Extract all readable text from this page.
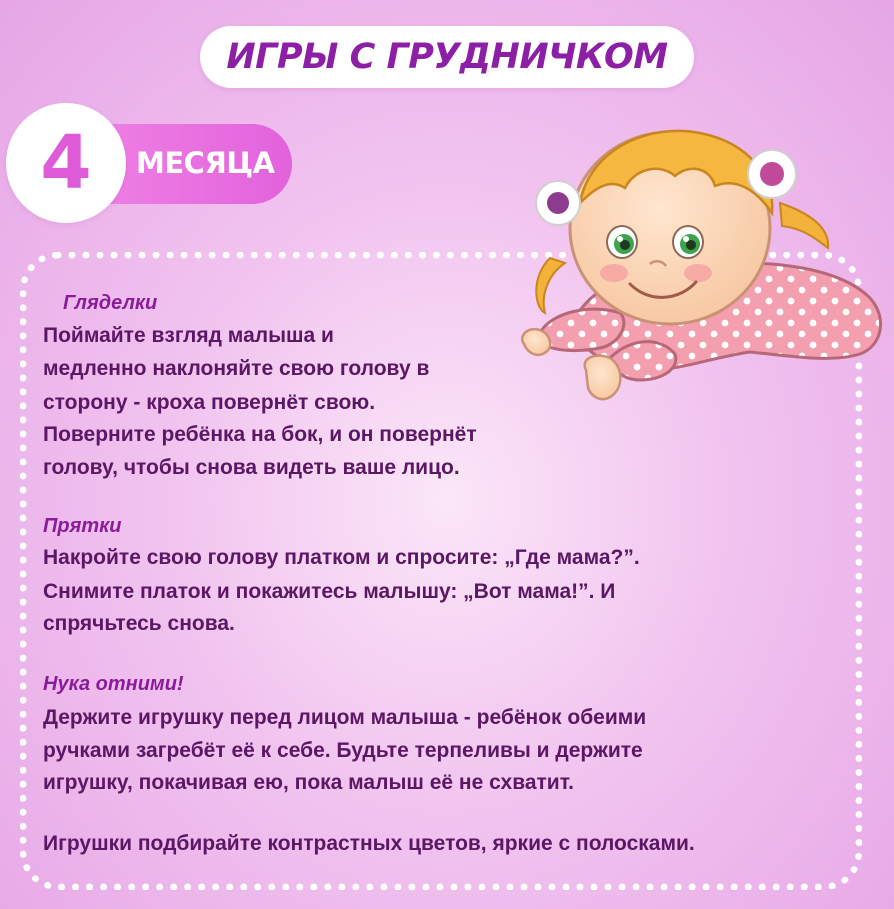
ИГРЫ С ГРУДНИЧКОМ
МЕСЯЦА
4
Гляделки
Поймайте взгляд малыша и
медленно наклоняйте свою голову в
сторону - кроха повернёт свою.
Поверните ребёнка на бок, и он повернёт
голову, чтобы снова видеть ваше лицо.
Прятки
Накройте свою голову платком и спросите: „Где мама?”.
Снимите платок и покажитесь малышу: „Вот мама!”. И
спрячьтесь снова.
Нука отними!
Держите игрушку перед лицом малыша - ребёнок обеими
ручками загребёт её к себе. Будьте терпеливы и держите
игрушку, покачивая ею, пока малыш её не схватит.
Игрушки подбирайте контрастных цветов, яркие с полосками.
